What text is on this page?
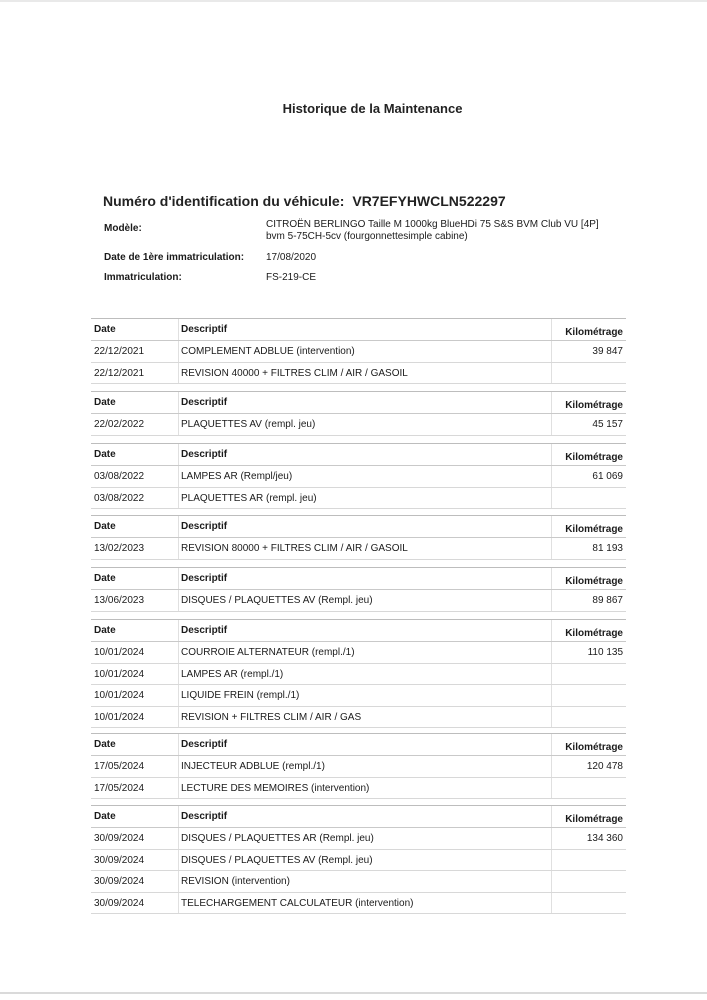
Historique de la Maintenance
Numéro d'identification du véhicule: VR7EFYHWCLN522297
Modèle:	CITROËN BERLINGO Taille M 1000kg BlueHDi 75 S&S BVM Club VU [4P]
bvm 5-75CH-5cv (fourgonnettesimple cabine)
Date de 1ère immatriculation: 17/08/2020
Immatriculation:	FS-219-CE
Date	Descriptif	Kilométrage
22/12/2021	COMPLEMENT ADBLUE (intervention)	39 847
22/12/2021	REVISION 40000 + FILTRES CLIM / AIR / GASOIL
Date	Descriptif	Kilométrage
22/02/2022	PLAQUETTES AV (rempl. jeu)	45 157
Date	Descriptif	Kilométrage
03/08/2022	LAMPES AR (Rempl/jeu)	61 069
03/08/2022	PLAQUETTES AR (rempl. jeu)
Date	Descriptif	Kilométrage
13/02/2023	REVISION 80000 + FILTRES CLIM / AIR / GASOIL	81 193
Date	Descriptif	Kilométrage
13/06/2023	DISQUES / PLAQUETTES AV (Rempl. jeu)	89 867
Date	Descriptif	Kilométrage
10/01/2024	COURROIE ALTERNATEUR (rempl./1)	110 135
10/01/2024	LAMPES AR (rempl./1)
10/01/2024	LIQUIDE FREIN (rempl./1)
10/01/2024	REVISION + FILTRES CLIM / AIR / GAS
Date	Descriptif	Kilométrage
17/05/2024	INJECTEUR ADBLUE (rempl./1)	120 478
17/05/2024	LECTURE DES MEMOIRES (intervention)
Date	Descriptif	Kilométrage
30/09/2024	DISQUES / PLAQUETTES AR (Rempl. jeu)	134 360
30/09/2024	DISQUES / PLAQUETTES AV (Rempl. jeu)
30/09/2024	REVISION (intervention)
30/09/2024	TELECHARGEMENT CALCULATEUR (intervention)
